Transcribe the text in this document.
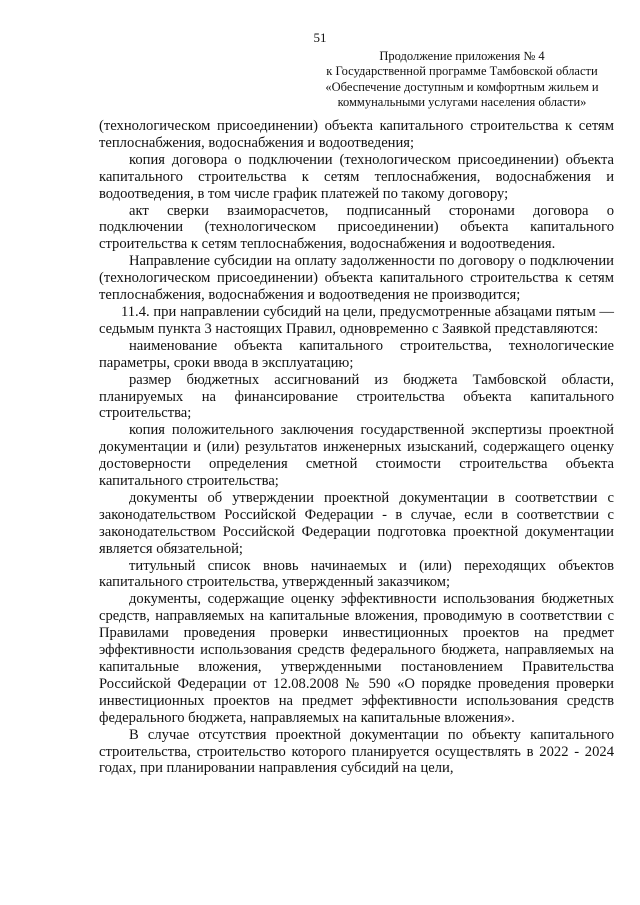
51
Продолжение приложения № 4
к Государственной программе Тамбовской области
«Обеспечение доступным и комфортным жильем и
коммунальными услугами населения области»

(технологическом присоединении) объекта капитального строительства к сетям теплоснабжения, водоснабжения и водоотведения;

копия договора о подключении (технологическом присоединении) объекта капитального строительства к сетям теплоснабжения, водоснабжения и водоотведения, в том числе график платежей по такому договору;

акт сверки взаиморасчетов, подписанный сторонами договора о подключении (технологическом присоединении) объекта капитального строительства к сетям теплоснабжения, водоснабжения и водоотведения.

Направление субсидии на оплату задолженности по договору о подключении (технологическом присоединении) объекта капитального строительства к сетям теплоснабжения, водоснабжения и водоотведения не производится;

11.4. при направлении субсидий на цели, предусмотренные абзацами пятым — седьмым пункта 3 настоящих Правил, одновременно с Заявкой представляются:

наименование объекта капитального строительства, технологические параметры, сроки ввода в эксплуатацию;

размер бюджетных ассигнований из бюджета Тамбовской области, планируемых на финансирование строительства объекта капитального строительства;

копия положительного заключения государственной экспертизы проектной документации и (или) результатов инженерных изысканий, содержащего оценку достоверности определения сметной стоимости строительства объекта капитального строительства;

документы об утверждении проектной документации в соответствии с законодательством Российской Федерации - в случае, если в соответствии с законодательством Российской Федерации подготовка проектной документации является обязательной;

титульный список вновь начинаемых и (или) переходящих объектов капитального строительства, утвержденный заказчиком;

документы, содержащие оценку эффективности использования бюджетных средств, направляемых на капитальные вложения, проводимую в соответствии с Правилами проведения проверки инвестиционных проектов на предмет эффективности использования средств федерального бюджета, направляемых на капитальные вложения, утвержденными постановлением Правительства Российской Федерации от 12.08.2008 № 590 «О порядке проведения проверки инвестиционных проектов на предмет эффективности использования средств федерального бюджета, направляемых на капитальные вложения».

В случае отсутствия проектной документации по объекту капитального строительства, строительство которого планируется осуществлять в 2022 - 2024 годах, при планировании направления субсидий на цели,
